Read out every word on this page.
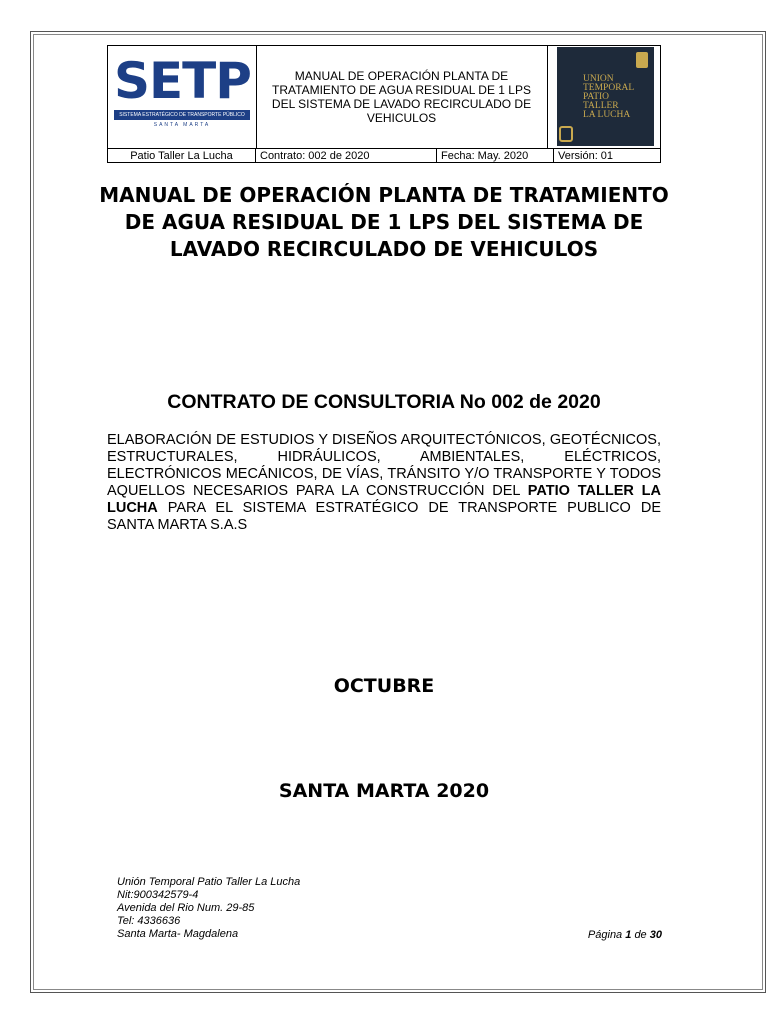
SETP
SISTEMA ESTRATÉGICO DE TRANSPORTE PÚBLICO
SANTA MARTA
MANUAL DE OPERACIÓN PLANTA DE TRATAMIENTO DE AGUA RESIDUAL DE 1 LPS DEL SISTEMA DE LAVADO RECIRCULADO DE VEHICULOS
UNION
TEMPORAL
PATIO
TALLER
LA LUCHA
Patio Taller La Lucha	Contrato: 002 de 2020	Fecha: May. 2020	Versión: 01
MANUAL DE OPERACIÓN PLANTA DE TRATAMIENTO
DE AGUA RESIDUAL DE 1 LPS DEL SISTEMA DE
LAVADO RECIRCULADO DE VEHICULOS
CONTRATO DE CONSULTORIA No 002 de 2020
ELABORACIÓN DE ESTUDIOS Y DISEÑOS ARQUITECTÓNICOS, GEOTÉCNICOS, ESTRUCTURALES, HIDRÁULICOS, AMBIENTALES, ELÉCTRICOS, ELECTRÓNICOS MECÁNICOS, DE VÍAS, TRÁNSITO Y/O TRANSPORTE Y TODOS AQUELLOS NECESARIOS PARA LA CONSTRUCCIÓN DEL PATIO TALLER LA LUCHA PARA EL SISTEMA ESTRATÉGICO DE TRANSPORTE PUBLICO DE SANTA MARTA S.A.S
OCTUBRE
SANTA MARTA 2020
Unión Temporal Patio Taller La Lucha
Nit:900342579-4
Avenida del Rio Num. 29-85
Tel: 4336636
Santa Marta- Magdalena	Página 1 de 30
